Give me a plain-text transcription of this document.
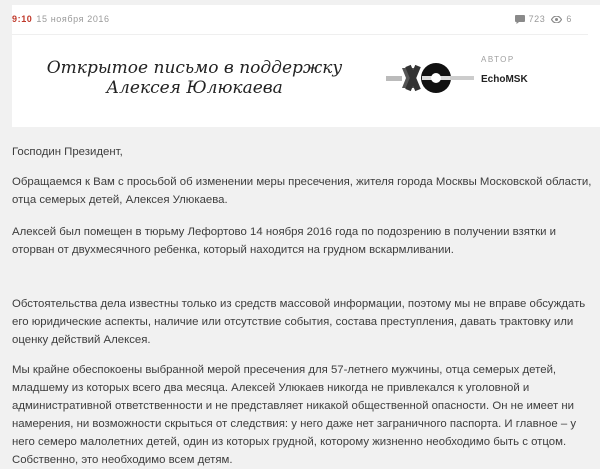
9:10 15 ноября 2016	723 6
Открытое письмо в поддержку Алексея Юлюкаева
АВТОР
EchoMSK

Господин Президент,

Обращаемся к Вам с просьбой об изменении меры пресечения, жителя города Москвы Московской области, отца семерых детей, Алексея Улюкаева.

Алексей был помещен в тюрьму Лефортово 14 ноября 2016 года по подозрению в получении взятки и оторван от двухмесячного ребенка, который находится на грудном вскармливании.

Обстоятельства дела известны только из средств массовой информации, поэтому мы не вправе обсуждать его юридические аспекты, наличие или отсутствие события, состава преступления, давать трактовку или оценку действий Алексея.

Мы крайне обеспокоены выбранной мерой пресечения для 57-летнего мужчины, отца семерых детей, младшему из которых всего два месяца. Алексей Улюкаев никогда не привлекался к уголовной и административной ответственности и не представляет никакой общественной опасности. Он не имеет ни намерения, ни возможности скрыться от следствия: у него даже нет заграничного паспорта. И главное – у него семеро малолетних детей, один из которых грудной, которому жизненно необходимо быть с отцом. Собственно, это необходимо всем детям.
